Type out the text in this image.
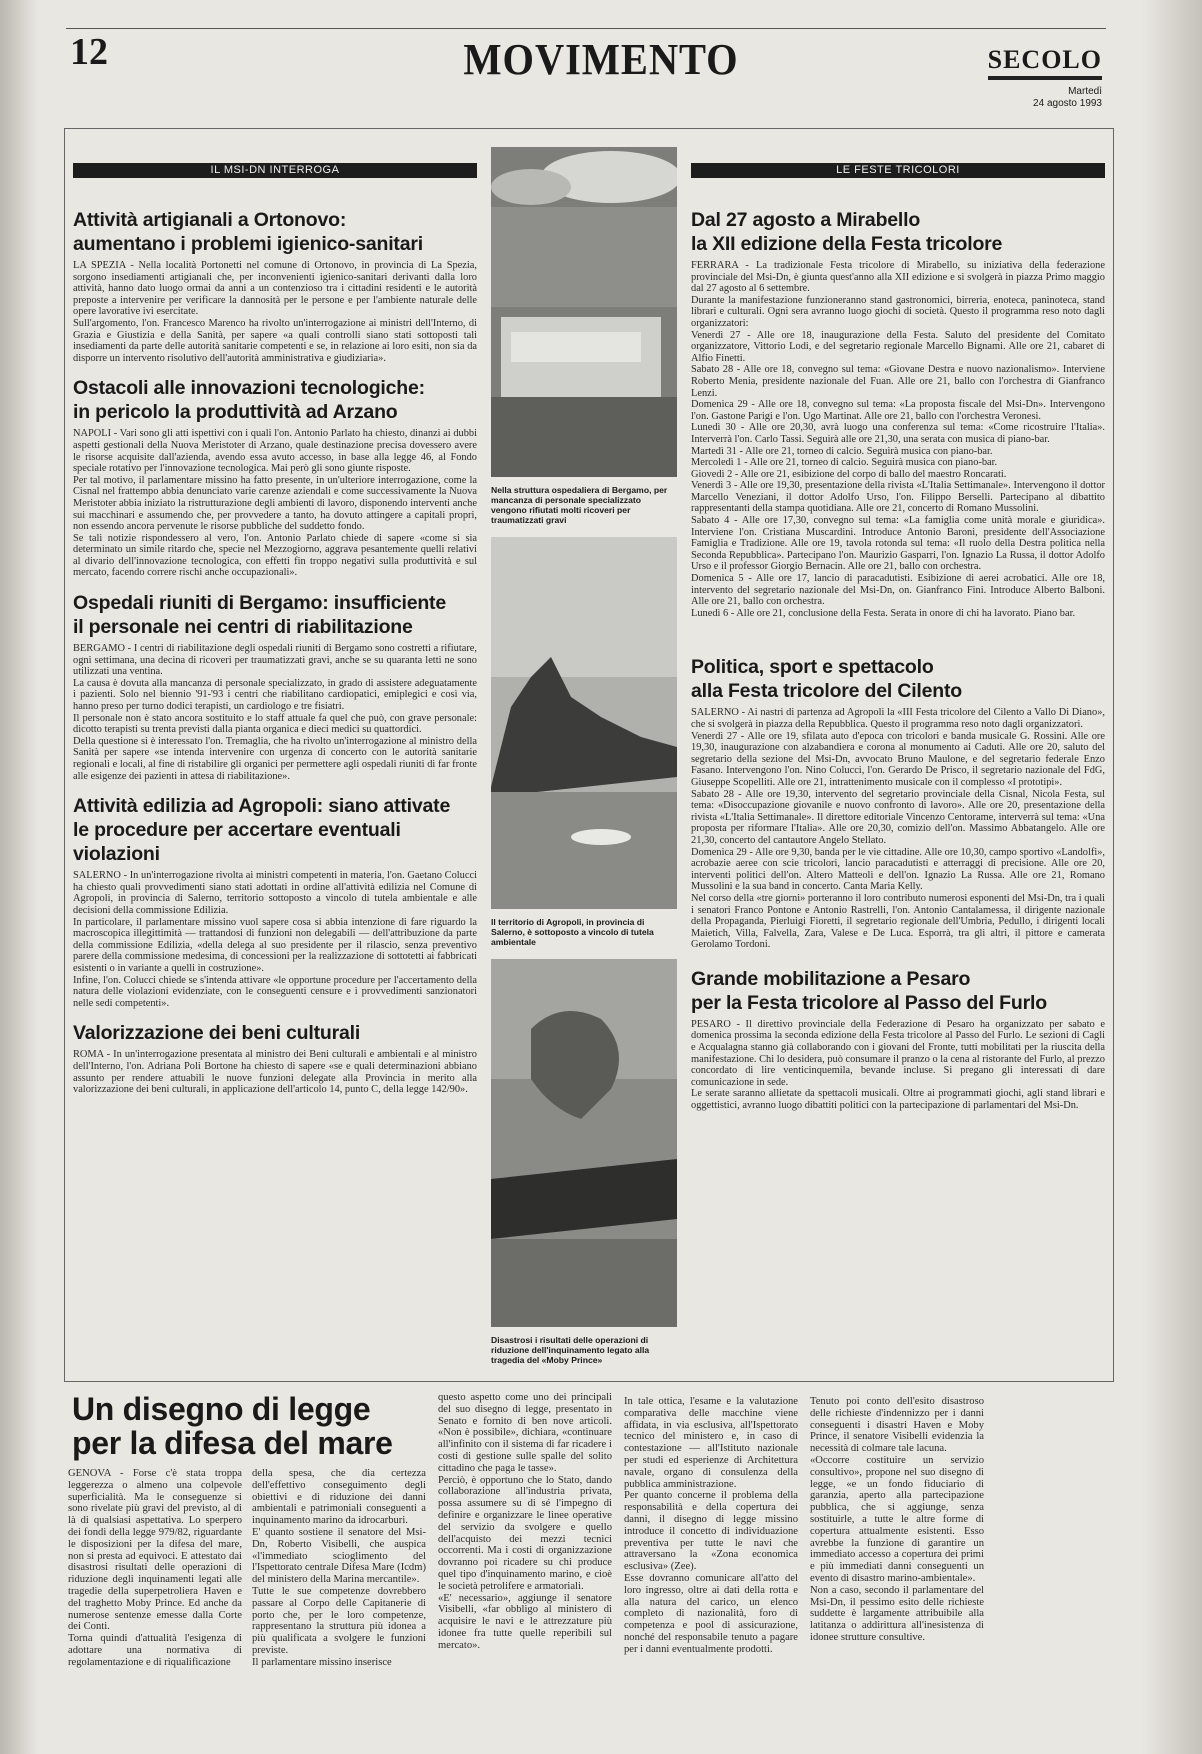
12	MOVIMENTO	SECOLO
Martedì
24 agosto 1993
IL MSI-DN INTERROGA
Attività artigianali a Ortonovo:
aumentano i problemi igienico-sanitari

LA SPEZIA - Nella località Portonetti nel comune di Ortonovo, in provincia di La Spezia, sorgono insediamenti artigianali che, per inconvenienti igienico-sanitari derivanti dalla loro attività, hanno dato luogo ormai da anni a un contenzioso tra i cittadini residenti e le autorità preposte a intervenire per verificare la dannosità per le persone e per l'ambiente naturale delle opere lavorative ivi esercitate.

Sull'argomento, l'on. Francesco Marenco ha rivolto un'interrogazione ai ministri dell'Interno, di Grazia e Giustizia e della Sanità, per sapere «a quali controlli siano stati sottoposti tali insediamenti da parte delle autorità sanitarie competenti e se, in relazione ai loro esiti, non sia da disporre un intervento risolutivo dell'autorità amministrativa e giudiziaria».

Ostacoli alle innovazioni tecnologiche:
in pericolo la produttività ad Arzano

NAPOLI - Vari sono gli atti ispettivi con i quali l'on. Antonio Parlato ha chiesto, dinanzi ai dubbi aspetti gestionali della Nuova Meristoter di Arzano, quale destinazione precisa dovessero avere le risorse acquisite dall'azienda, avendo essa avuto accesso, in base alla legge 46, al Fondo speciale rotativo per l'innovazione tecnologica. Mai però gli sono giunte risposte.

Per tal motivo, il parlamentare missino ha fatto presente, in un'ulteriore interrogazione, come la Cisnal nel frattempo abbia denunciato varie carenze aziendali e come successivamente la Nuova Meristoter abbia iniziato la ristrutturazione degli ambienti di lavoro, disponendo interventi anche sui macchinari e assumendo che, per provvedere a tanto, ha dovuto attingere a capitali propri, non essendo ancora pervenute le risorse pubbliche del suddetto fondo.

Se tali notizie rispondessero al vero, l'on. Antonio Parlato chiede di sapere «come si sia determinato un simile ritardo che, specie nel Mezzogiorno, aggrava pesantemente quelli relativi al divario dell'innovazione tecnologica, con effetti fin troppo negativi sulla produttività e sul mercato, facendo correre rischi anche occupazionali».

Ospedali riuniti di Bergamo: insufficiente
il personale nei centri di riabilitazione

BERGAMO - I centri di riabilitazione degli ospedali riuniti di Bergamo sono costretti a rifiutare, ogni settimana, una decina di ricoveri per traumatizzati gravi, anche se su quaranta letti ne sono utilizzati una ventina.

La causa è dovuta alla mancanza di personale specializzato, in grado di assistere adeguatamente i pazienti. Solo nel biennio '91-'93 i centri che riabilitano cardiopatici, emiplegici e così via, hanno preso per turno dodici terapisti, un cardiologo e tre fisiatri.

Il personale non è stato ancora sostituito e lo staff attuale fa quel che può, con grave personale: dicotto terapisti su trenta previsti dalla pianta organica e dieci medici su quattordici.

Della questione si è interessato l'on. Tremaglia, che ha rivolto un'interrogazione al ministro della Sanità per sapere «se intenda intervenire con urgenza di concerto con le autorità sanitarie regionali e locali, al fine di ristabilire gli organici per permettere agli ospedali riuniti di far fronte alle esigenze dei pazienti in attesa di riabilitazione».

Attività edilizia ad Agropoli: siano attivate
le procedure per accertare eventuali violazioni

SALERNO - In un'interrogazione rivolta ai ministri competenti in materia, l'on. Gaetano Colucci ha chiesto quali provvedimenti siano stati adottati in ordine all'attività edilizia nel Comune di Agropoli, in provincia di Salerno, territorio sottoposto a vincolo di tutela ambientale e alle decisioni della commissione Edilizia.

In particolare, il parlamentare missino vuol sapere cosa si abbia intenzione di fare riguardo la macroscopica illegittimità — trattandosi di funzioni non delegabili — dell'attribuzione da parte della commissione Edilizia, «della delega al suo presidente per il rilascio, senza preventivo parere della commissione medesima, di concessioni per la realizzazione di sottotetti ai fabbricati esistenti o in variante a quelli in costruzione».

Infine, l'on. Colucci chiede se s'intenda attivare «le opportune procedure per l'accertamento della natura delle violazioni evidenziate, con le conseguenti censure e i provvedimenti sanzionatori nelle sedi competenti».

Valorizzazione dei beni culturali

ROMA - In un'interrogazione presentata al ministro dei Beni culturali e ambientali e al ministro dell'Interno, l'on. Adriana Poli Bortone ha chiesto di sapere «se e quali determinazioni abbiano assunto per rendere attuabili le nuove funzioni delegate alla Provincia in merito alla valorizzazione dei beni culturali, in applicazione dell'articolo 14, punto C, della legge 142/90».

Nella struttura ospedaliera di Bergamo, per mancanza di personale specializzato vengono rifiutati molti ricoveri per traumatizzati gravi
Il territorio di Agropoli, in provincia di Salerno, è sottoposto a vincolo di tutela ambientale
Disastrosi i risultati delle operazioni di riduzione dell'inquinamento legato alla tragedia del «Moby Prince»
LE FESTE TRICOLORI
Dal 27 agosto a Mirabello
la XII edizione della Festa tricolore

FERRARA - La tradizionale Festa tricolore di Mirabello, su iniziativa della federazione provinciale del Msi-Dn, è giunta quest'anno alla XII edizione e si svolgerà in piazza Primo maggio dal 27 agosto al 6 settembre.

Durante la manifestazione funzioneranno stand gastronomici, birreria, enoteca, paninoteca, stand librari e culturali. Ogni sera avranno luogo giochi di società. Questo il programma reso noto dagli organizzatori:

Venerdì 27 - Alle ore 18, inaugurazione della Festa. Saluto del presidente del Comitato organizzatore, Vittorio Lodi, e del segretario regionale Marcello Bignami. Alle ore 21, cabaret di Alfio Finetti.

Sabato 28 - Alle ore 18, convegno sul tema: «Giovane Destra e nuovo nazionalismo». Interviene Roberto Menia, presidente nazionale del Fuan. Alle ore 21, ballo con l'orchestra di Gianfranco Lenzi.

Domenica 29 - Alle ore 18, convegno sul tema: «La proposta fiscale del Msi-Dn». Intervengono l'on. Gastone Parigi e l'on. Ugo Martinat. Alle ore 21, ballo con l'orchestra Veronesi.

Lunedì 30 - Alle ore 20,30, avrà luogo una conferenza sul tema: «Come ricostruire l'Italia». Interverrà l'on. Carlo Tassi. Seguirà alle ore 21,30, una serata con musica di piano-bar.

Martedì 31 - Alle ore 21, torneo di calcio. Seguirà musica con piano-bar.

Mercoledì 1 - Alle ore 21, torneo di calcio. Seguirà musica con piano-bar.

Giovedì 2 - Alle ore 21, esibizione del corpo di ballo del maestro Roncarati.

Venerdì 3 - Alle ore 19,30, presentazione della rivista «L'Italia Settimanale». Intervengono il dottor Marcello Veneziani, il dottor Adolfo Urso, l'on. Filippo Berselli. Partecipano al dibattito rappresentanti della stampa quotidiana. Alle ore 21, concerto di Romano Mussolini.

Sabato 4 - Alle ore 17,30, convegno sul tema: «La famiglia come unità morale e giuridica». Interviene l'on. Cristiana Muscardini. Introduce Antonio Baroni, presidente dell'Associazione Famiglia e Tradizione. Alle ore 19, tavola rotonda sul tema: «Il ruolo della Destra politica nella Seconda Repubblica». Partecipano l'on. Maurizio Gasparri, l'on. Ignazio La Russa, il dottor Adolfo Urso e il professor Giorgio Bernacin. Alle ore 21, ballo con orchestra.

Domenica 5 - Alle ore 17, lancio di paracadutisti. Esibizione di aerei acrobatici. Alle ore 18, intervento del segretario nazionale del Msi-Dn, on. Gianfranco Fini. Introduce Alberto Balboni. Alle ore 21, ballo con orchestra.

Lunedì 6 - Alle ore 21, conclusione della Festa. Serata in onore di chi ha lavorato. Piano bar.

Politica, sport e spettacolo
alla Festa tricolore del Cilento

SALERNO - Ai nastri di partenza ad Agropoli la «III Festa tricolore del Cilento a Vallo Di Diano», che si svolgerà in piazza della Repubblica. Questo il programma reso noto dagli organizzatori.

Venerdì 27 - Alle ore 19, sfilata auto d'epoca con tricolori e banda musicale G. Rossini. Alle ore 19,30, inaugurazione con alzabandiera e corona al monumento ai Caduti. Alle ore 20, saluto del segretario della sezione del Msi-Dn, avvocato Bruno Maulone, e del segretario federale Enzo Fasano. Intervengono l'on. Nino Colucci, l'on. Gerardo De Prisco, il segretario nazionale del FdG, Giuseppe Scopelliti. Alle ore 21, intrattenimento musicale con il complesso «I prototipi».

Sabato 28 - Alle ore 19,30, intervento del segretario provinciale della Cisnal, Nicola Festa, sul tema: «Disoccupazione giovanile e nuovo confronto di lavoro». Alle ore 20, presentazione della rivista «L'Italia Settimanale». Il direttore editoriale Vincenzo Centorame, interverrà sul tema: «Una proposta per riformare l'Italia». Alle ore 20,30, comizio dell'on. Massimo Abbatangelo. Alle ore 21,30, concerto del cantautore Angelo Stellato.

Domenica 29 - Alle ore 9,30, banda per le vie cittadine. Alle ore 10,30, campo sportivo «Landolfi», acrobazie aeree con scie tricolori, lancio paracadutisti e atterraggi di precisione. Alle ore 20, interventi politici dell'on. Altero Matteoli e dell'on. Ignazio La Russa. Alle ore 21, Romano Mussolini e la sua band in concerto. Canta Maria Kelly.

Nel corso della «tre giorni» porteranno il loro contributo numerosi esponenti del Msi-Dn, tra i quali i senatori Franco Pontone e Antonio Rastrelli, l'on. Antonio Cantalamessa, il dirigente nazionale della Propaganda, Pierluigi Fioretti, il segretario regionale dell'Umbria, Pedullo, i dirigenti locali Maietich, Villa, Falvella, Zara, Valese e De Luca. Esporrà, tra gli altri, il pittore e camerata Gerolamo Tordoni.

Grande mobilitazione a Pesaro
per la Festa tricolore al Passo del Furlo

PESARO - Il direttivo provinciale della Federazione di Pesaro ha organizzato per sabato e domenica prossima la seconda edizione della Festa tricolore al Passo del Furlo. Le sezioni di Cagli e Acqualagna stanno già collaborando con i giovani del Fronte, tutti mobilitati per la riuscita della manifestazione. Chi lo desidera, può consumare il pranzo o la cena al ristorante del Furlo, al prezzo concordato di lire venticinquemila, bevande incluse. Si pregano gli interessati di dare comunicazione in sede.

Le serate saranno allietate da spettacoli musicali. Oltre ai programmati giochi, agli stand librari e oggettistici, avranno luogo dibattiti politici con la partecipazione di parlamentari del Msi-Dn.

Un disegno di legge
per la difesa del mare

GENOVA - Forse c'è stata troppa leggerezza o almeno una colpevole superficialità. Ma le conseguenze si sono rivelate più gravi del previsto, al di là di qualsiasi aspettativa. Lo sperpero dei fondi della legge 979/82, riguardante le disposizioni per la difesa del mare, non si presta ad equivoci. E attestato dai disastrosi risultati delle operazioni di riduzione degli inquinamenti legati alle tragedie della superpetroliera Haven e del traghetto Moby Prince. Ed anche da numerose sentenze emesse dalla Corte dei Conti.

Torna quindi d'attualità l'esigenza di adottare una normativa di regolamentazione e di riqualificazione

della spesa, che dia certezza dell'effettivo conseguimento degli obiettivi e di riduzione dei danni ambientali e patrimoniali conseguenti a inquinamento marino da idrocarburi.

E' quanto sostiene il senatore del Msi-Dn, Roberto Visibelli, che auspica «l'immediato scioglimento del l'Ispettorato centrale Difesa Mare (Icdm) del ministero della Marina mercantile».

Tutte le sue competenze dovrebbero passare al Corpo delle Capitanerie di porto che, per le loro competenze, rappresentano la struttura più idonea a più qualificata a svolgere le funzioni previste.

Il parlamentare missino inserisce

questo aspetto come uno dei principali del suo disegno di legge, presentato in Senato e fornito di ben nove articoli. «Non è possibile», dichiara, «continuare all'infinito con il sistema di far ricadere i costi di gestione sulle spalle del solito cittadino che paga le tasse».

Perciò, è opportuno che lo Stato, dando collaborazione all'industria privata, possa assumere su di sé l'impegno di definire e organizzare le linee operative del servizio da svolgere e quello dell'acquisto dei mezzi tecnici occorrenti. Ma i costi di organizzazione dovranno poi ricadere su chi produce quel tipo d'inquinamento marino, e cioè le società petrolifere e armatoriali.

«E' necessario», aggiunge il senatore Visibelli, «far obbligo al ministero di acquisire le navi e le attrezzature più idonee fra tutte quelle reperibili sul mercato».

In tale ottica, l'esame e la valutazione comparativa delle macchine viene affidata, in via esclusiva, all'Ispettorato tecnico del ministero e, in caso di contestazione — all'Istituto nazionale per studi ed esperienze di Architettura navale, organo di consulenza della pubblica amministrazione.

Per quanto concerne il problema della responsabilità e della copertura dei danni, il disegno di legge missino introduce il concetto di individuazione preventiva per tutte le navi che attraversano la «Zona economica esclusiva» (Zee).

Esse dovranno comunicare all'atto del loro ingresso, oltre ai dati della rotta e alla natura del carico, un elenco completo di nazionalità, foro di competenza e pool di assicurazione, nonché del responsabile tenuto a pagare per i danni eventualmente prodotti.

Tenuto poi conto dell'esito disastroso delle richieste d'indennizzo per i danni conseguenti i disastri Haven e Moby Prince, il senatore Visibelli evidenzia la necessità di colmare tale lacuna.

«Occorre costituire un servizio consultivo», propone nel suo disegno di legge, «e un fondo fiduciario di garanzia, aperto alla partecipazione pubblica, che si aggiunge, senza sostituirle, a tutte le altre forme di copertura attualmente esistenti. Esso avrebbe la funzione di garantire un immediato accesso a copertura dei primi e più immediati danni conseguenti un evento di disastro marino-ambientale».

Non a caso, secondo il parlamentare del Msi-Dn, il pessimo esito delle richieste suddette è largamente attribuibile alla latitanza o addirittura all'inesistenza di idonee strutture consultive.
